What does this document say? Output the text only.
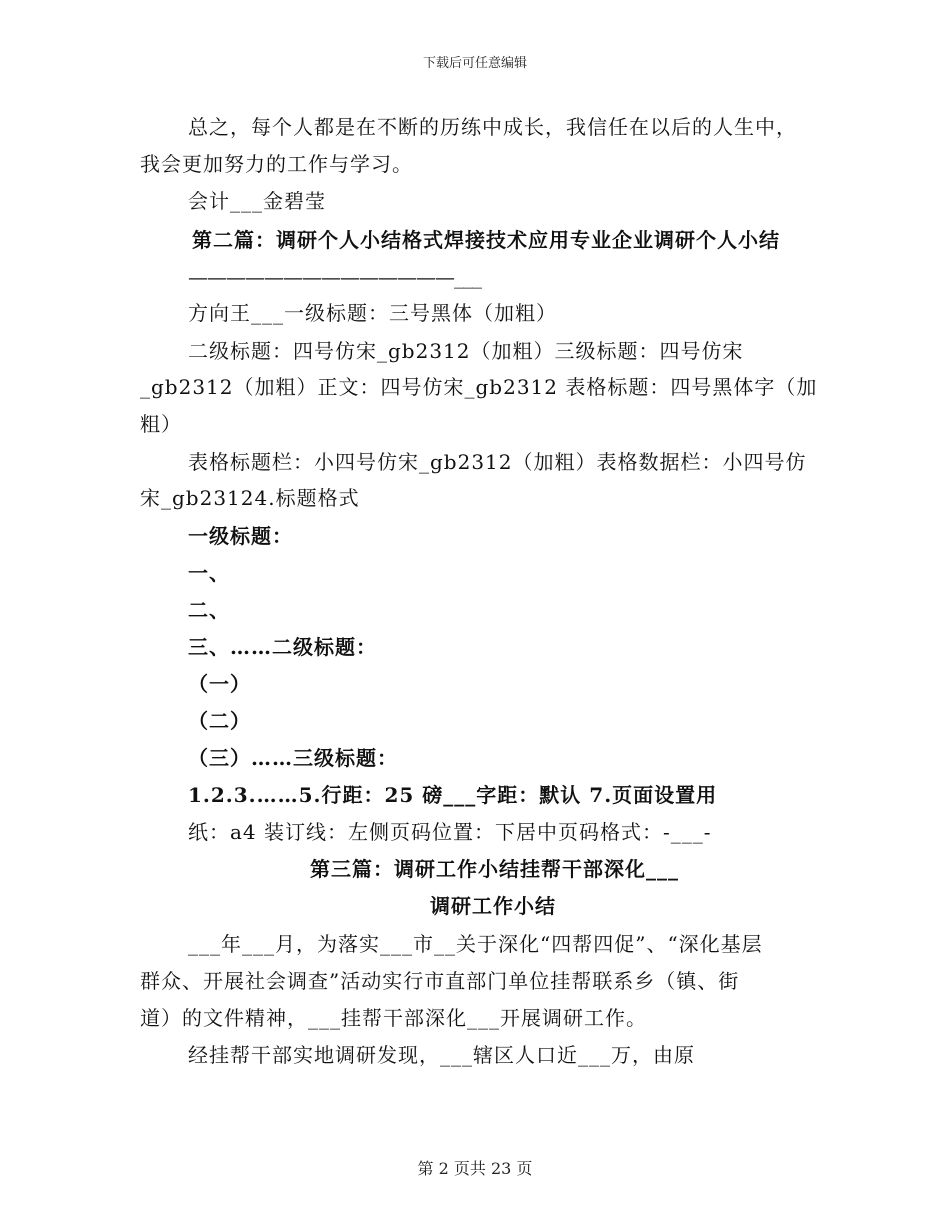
下载后可任意编辑
总之，每个人都是在不断的历练中成长，我信任在以后的人生中，
我会更加努力的工作与学习。
会计___金碧莹
第二篇：调研个人小结格式焊接技术应用专业企业调研个人小结
——————————————___
方向王___一级标题：三号黑体（加粗）
二级标题：四号仿宋_gb2312（加粗）三级标题：四号仿宋
_gb2312（加粗）正文：四号仿宋_gb2312 表格标题：四号黑体字（加
粗）
表格标题栏：小四号仿宋_gb2312（加粗）表格数据栏：小四号仿
宋_gb23124.标题格式
一级标题：
一、
二、
三、……二级标题：
（一）
（二）
（三）……三级标题：
1.2.3.……5.行距：25 磅___字距：默认 7.页面设置用
纸：a4 装订线：左侧页码位置：下居中页码格式：-___-
第三篇：调研工作小结挂帮干部深化___
调研工作小结
___年___月，为落实___市__关于深化“四帮四促”、“深化基层
群众、开展社会调查”活动实行市直部门单位挂帮联系乡（镇、街
道）的文件精神，___挂帮干部深化___开展调研工作。
经挂帮干部实地调研发现，___辖区人口近___万，由原
第 2 页共 23 页
